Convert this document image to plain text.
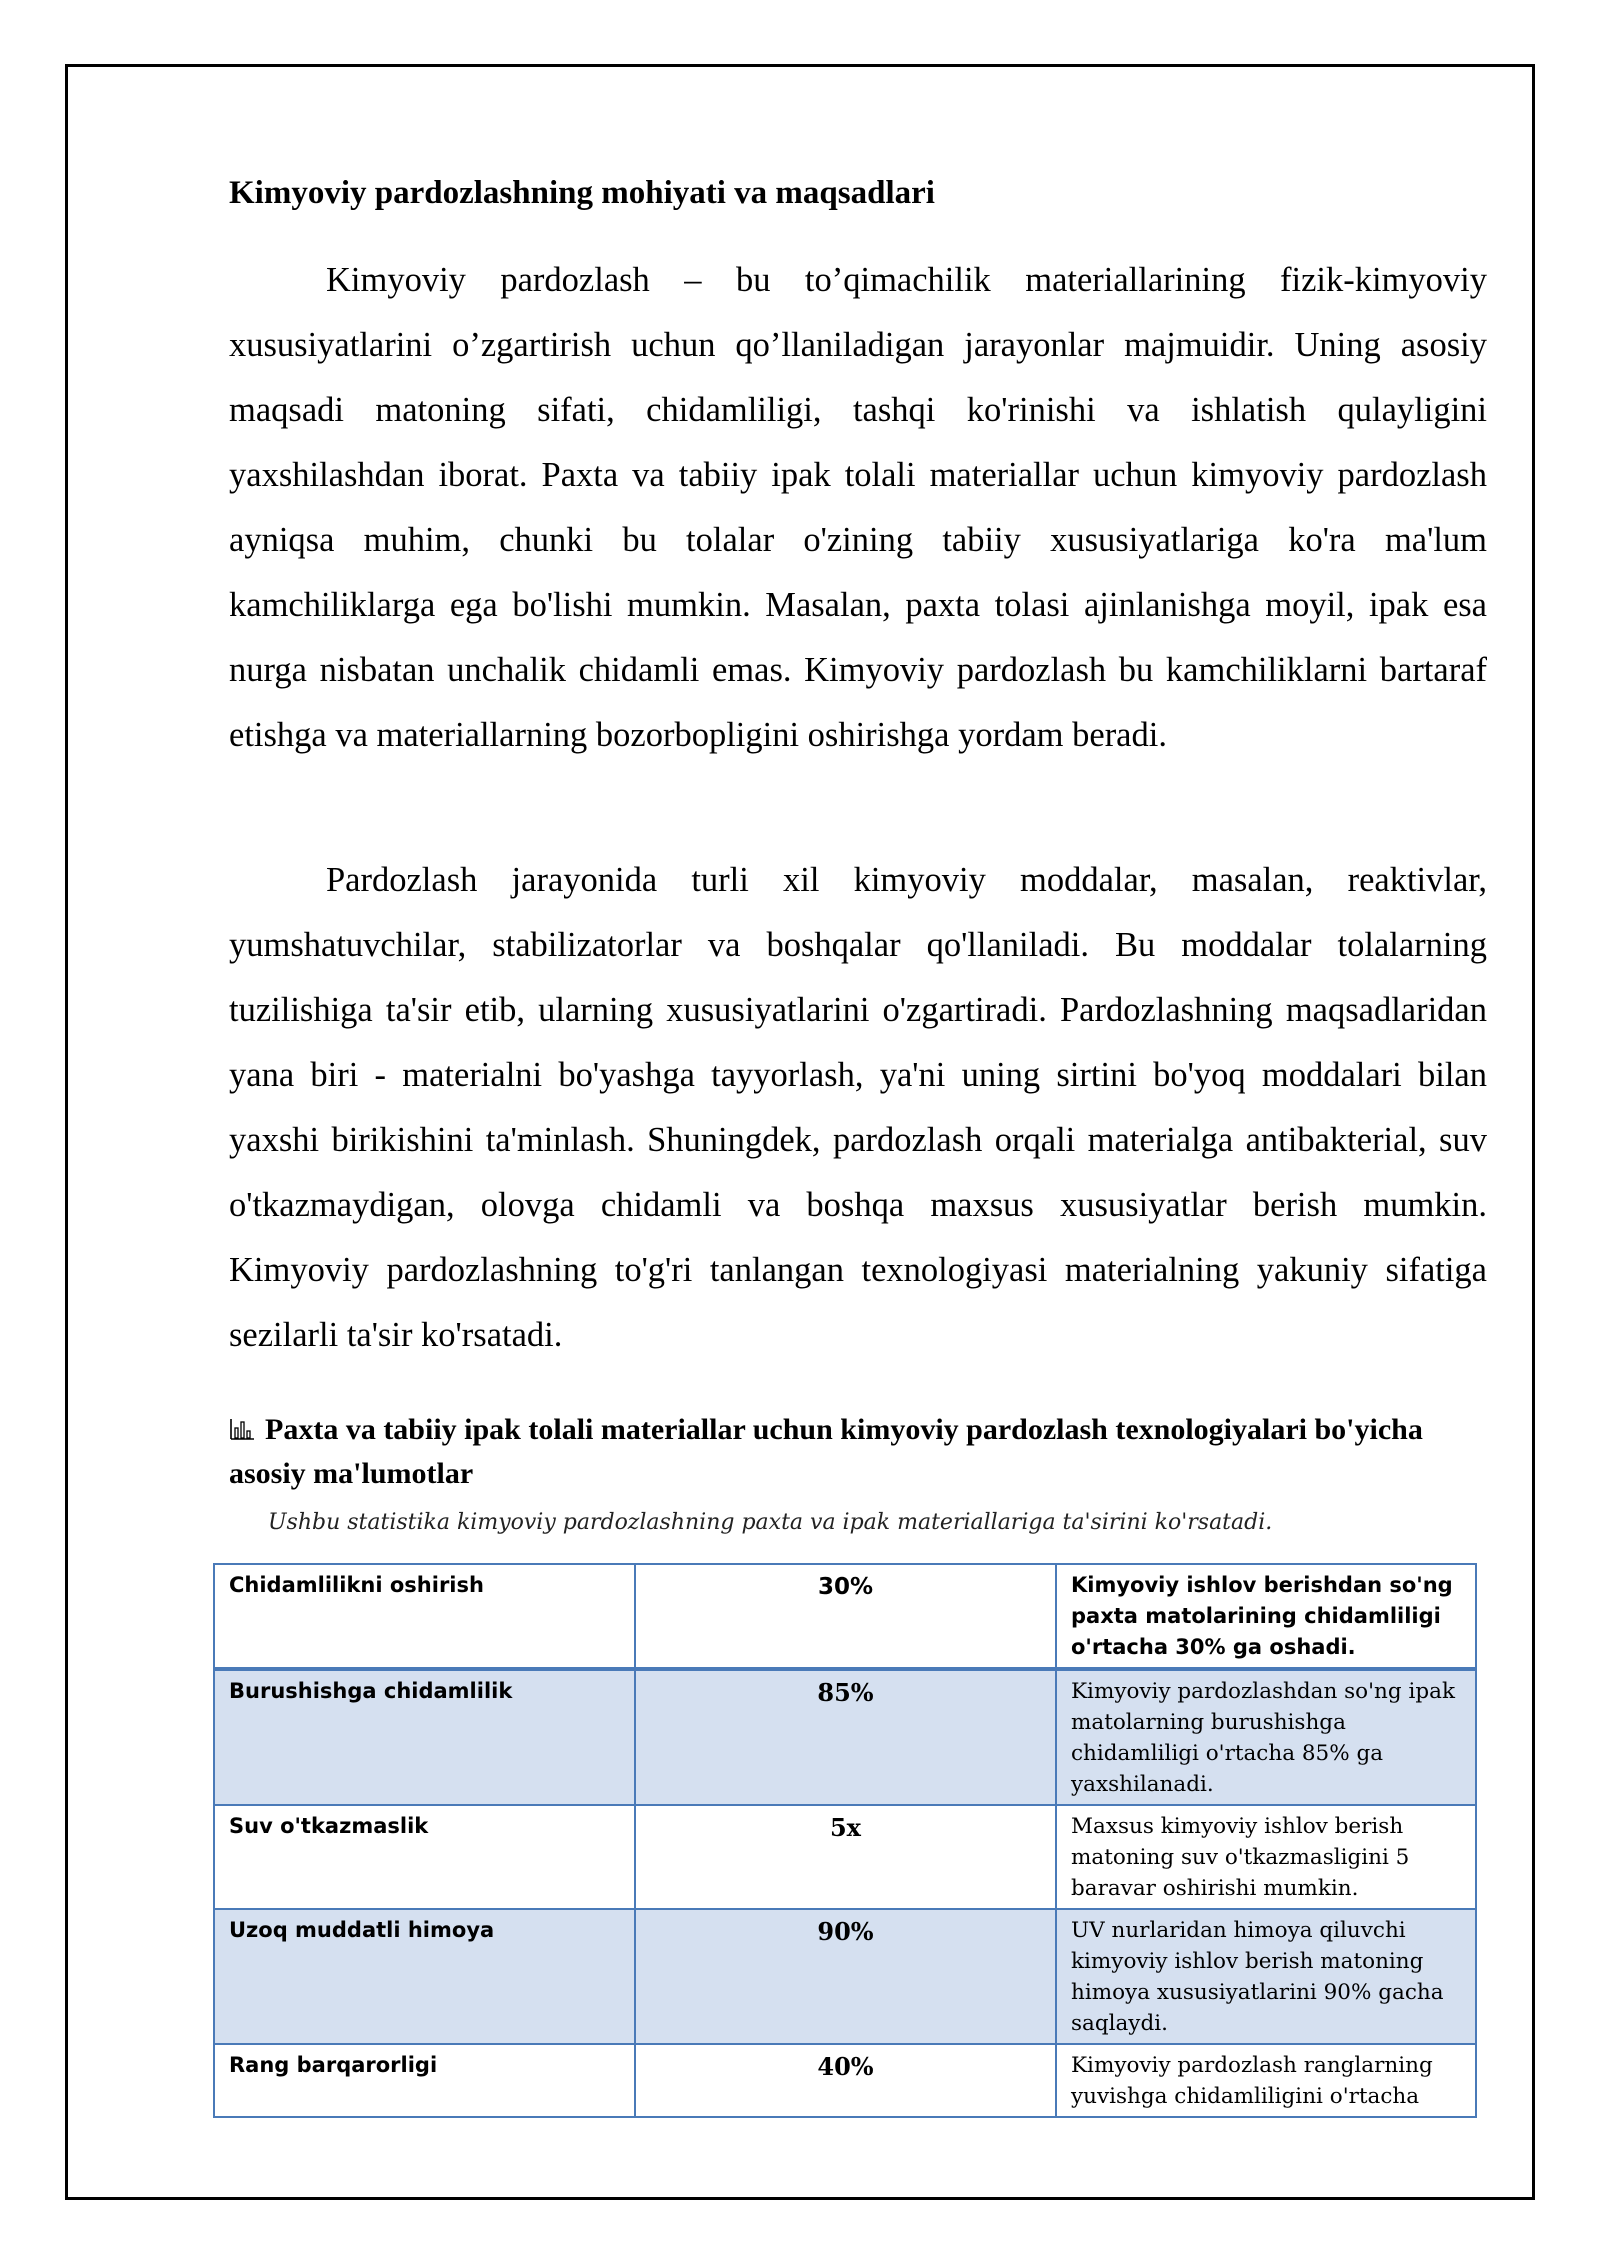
Kimyoviy pardozlashning mohiyati va maqsadlari

Kimyoviy pardozlash – bu to’qimachilik materiallarining fizik-kimyoviy xususiyatlarini o’zgartirish uchun qo’llaniladigan jarayonlar majmuidir. Uning asosiy maqsadi matoning sifati, chidamliligi, tashqi ko'rinishi va ishlatish qulayligini yaxshilashdan iborat. Paxta va tabiiy ipak tolali materiallar uchun kimyoviy pardozlash ayniqsa muhim, chunki bu tolalar o'zining tabiiy xususiyatlariga ko'ra ma'lum kamchiliklarga ega bo'lishi mumkin. Masalan, paxta tolasi ajinlanishga moyil, ipak esa nurga nisbatan unchalik chidamli emas. Kimyoviy pardozlash bu kamchiliklarni bartaraf etishga va materiallarning bozorbopligini oshirishga yordam beradi.

Pardozlash jarayonida turli xil kimyoviy moddalar, masalan, reaktivlar, yumshatuvchilar, stabilizatorlar va boshqalar qo'llaniladi. Bu moddalar tolalarning tuzilishiga ta'sir etib, ularning xususiyatlarini o'zgartiradi. Pardozlashning maqsadlaridan yana biri - materialni bo'yashga tayyorlash, ya'ni uning sirtini bo'yoq moddalari bilan yaxshi birikishini ta'minlash. Shuningdek, pardozlash orqali materialga antibakterial, suv o'tkazmaydigan, olovga chidamli va boshqa maxsus xususiyatlar berish mumkin. Kimyoviy pardozlashning to'g'ri tanlangan texnologiyasi materialning yakuniy sifatiga sezilarli ta'sir ko'rsatadi.

Paxta va tabiiy ipak tolali materiallar uchun kimyoviy pardozlash texnologiyalari bo'yicha asosiy ma'lumotlar

Ushbu statistika kimyoviy pardozlashning paxta va ipak materiallariga ta'sirini ko'rsatadi.

Chidamlilikni oshirish	30%	Kimyoviy ishlov berishdan so'ng paxta matolarining chidamliligi o'rtacha 30% ga oshadi.
Burushishga chidamlilik	85%	Kimyoviy pardozlashdan so'ng ipak matolarning burushishga chidamliligi o'rtacha 85% ga yaxshilanadi.
Suv o'tkazmaslik	5x	Maxsus kimyoviy ishlov berish matoning suv o'tkazmasligini 5 baravar oshirishi mumkin.
Uzoq muddatli himoya	90%	UV nurlaridan himoya qiluvchi kimyoviy ishlov berish matoning himoya xususiyatlarini 90% gacha saqlaydi.
Rang barqarorligi	40%	Kimyoviy pardozlash ranglarning yuvishga chidamliligini o'rtacha
